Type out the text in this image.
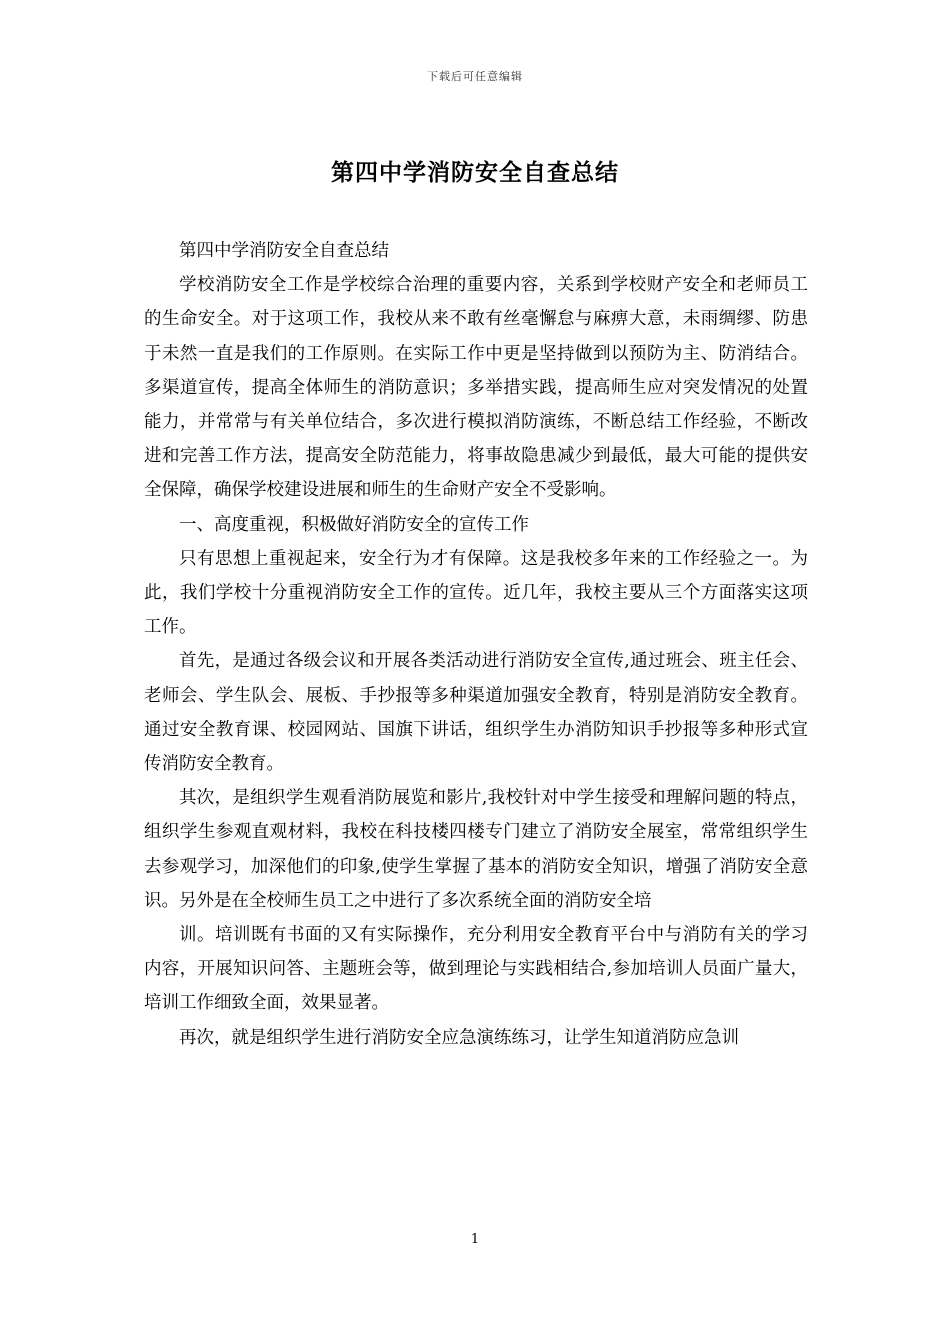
下载后可任意编辑
第四中学消防安全自查总结

第四中学消防安全自查总结

学校消防安全工作是学校综合治理的重要内容，关系到学校财产安全和老师员工的生命安全。对于这项工作，我校从来不敢有丝毫懈怠与麻痹大意，未雨绸缪、防患于未然一直是我们的工作原则。在实际工作中更是坚持做到以预防为主、防消结合。多渠道宣传，提高全体师生的消防意识；多举措实践，提高师生应对突发情况的处置能力，并常常与有关单位结合，多次进行模拟消防演练，不断总结工作经验，不断改进和完善工作方法，提高安全防范能力，将事故隐患减少到最低，最大可能的提供安全保障，确保学校建设进展和师生的生命财产安全不受影响。

一、高度重视，积极做好消防安全的宣传工作

只有思想上重视起来，安全行为才有保障。这是我校多年来的工作经验之一。为此，我们学校十分重视消防安全工作的宣传。近几年，我校主要从三个方面落实这项工作。

首先，是通过各级会议和开展各类活动进行消防安全宣传,通过班会、班主任会、老师会、学生队会、展板、手抄报等多种渠道加强安全教育，特别是消防安全教育。通过安全教育课、校园网站、国旗下讲话，组织学生办消防知识手抄报等多种形式宣传消防安全教育。

其次，是组织学生观看消防展览和影片,我校针对中学生接受和理解问题的特点，组织学生参观直观材料，我校在科技楼四楼专门建立了消防安全展室，常常组织学生去参观学习，加深他们的印象,使学生掌握了基本的消防安全知识，增强了消防安全意识。另外是在全校师生员工之中进行了多次系统全面的消防安全培

训。培训既有书面的又有实际操作，充分利用安全教育平台中与消防有关的学习内容，开展知识问答、主题班会等，做到理论与实践相结合,参加培训人员面广量大，培训工作细致全面，效果显著。

再次，就是组织学生进行消防安全应急演练练习，让学生知道消防应急训

1
